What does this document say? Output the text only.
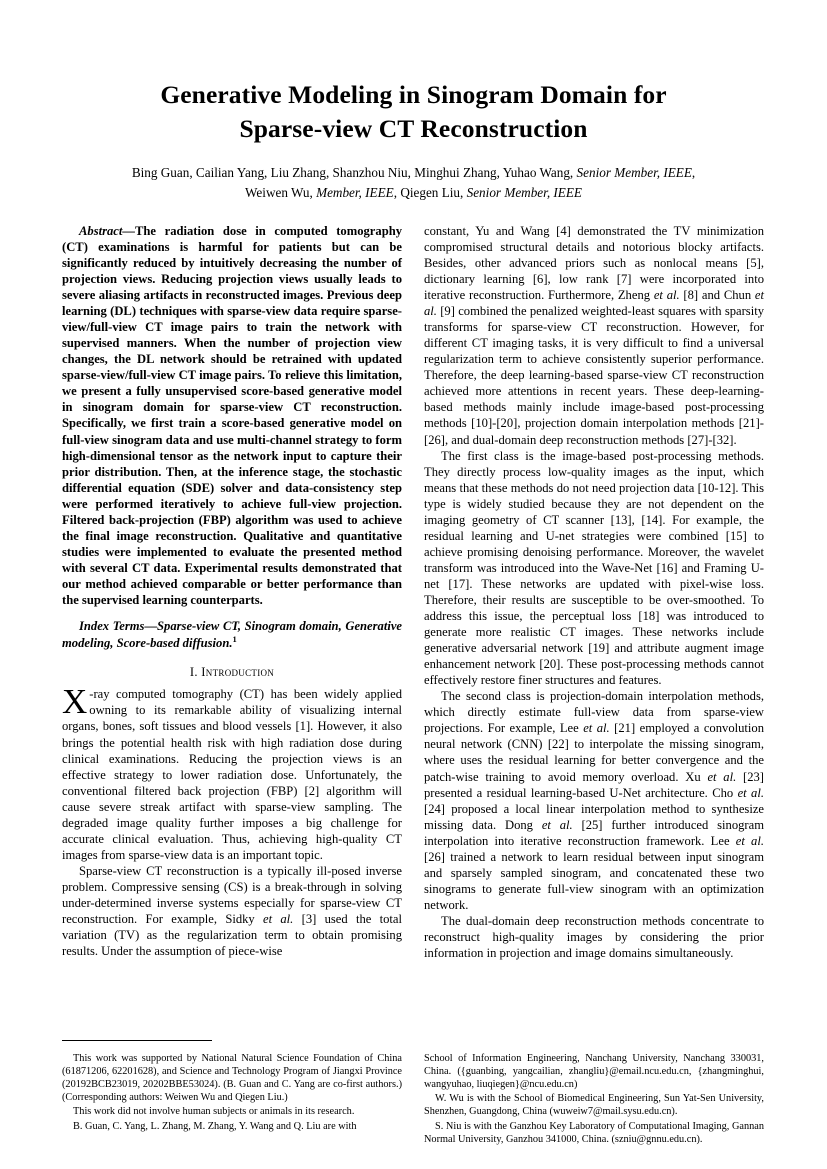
Generative Modeling in Sinogram Domain for
Sparse-view CT Reconstruction
Bing Guan, Cailian Yang, Liu Zhang, Shanzhou Niu, Minghui Zhang, Yuhao Wang, Senior Member, IEEE,
Weiwen Wu, Member, IEEE, Qiegen Liu, Senior Member, IEEE
Abstract—The radiation dose in computed tomography (CT) examinations is harmful for patients but can be significantly reduced by intuitively decreasing the number of projection views. Reducing projection views usually leads to severe aliasing artifacts in reconstructed images. Previous deep learning (DL) techniques with sparse-view data require sparse-view/full-view CT image pairs to train the network with supervised manners. When the number of projection view changes, the DL network should be retrained with updated sparse-view/full-view CT image pairs. To relieve this limitation, we present a fully unsupervised score-based generative model in sinogram domain for sparse-view CT reconstruction. Specifically, we first train a score-based generative model on full-view sinogram data and use multi-channel strategy to form high-dimensional tensor as the network input to capture their prior distribution. Then, at the inference stage, the stochastic differential equation (SDE) solver and data-consistency step were performed iteratively to achieve full-view projection. Filtered back-projection (FBP) algorithm was used to achieve the final image reconstruction. Qualitative and quantitative studies were implemented to evaluate the presented method with several CT data. Experimental results demonstrated that our method achieved comparable or better performance than the supervised learning counterparts.
Index Terms—Sparse-view CT, Sinogram domain, Generative modeling, Score-based diffusion.$^1$
I. Introduction

X -ray computed tomography (CT) has been widely applied owning to its remarkable ability of visualizing internal organs, bones, soft tissues and blood vessels [1]. However, it also brings the potential health risk with high radiation dose during clinical examinations. Reducing the projection views is an effective strategy to lower radiation dose. Unfortunately, the conventional filtered back projection (FBP) [2] algorithm will cause severe streak artifact with sparse-view sampling. The degraded image quality further imposes a big challenge for accurate clinical evaluation. Thus, achieving high-quality CT images from sparse-view data is an important topic.

Sparse-view CT reconstruction is a typically ill-posed inverse problem. Compressive sensing (CS) is a break-through in solving under-determined inverse systems especially for sparse-view CT reconstruction. For example, Sidky et al. [3] used the total variation (TV) as the regularization term to obtain promising results. Under the assumption of piece-wise

constant, Yu and Wang [4] demonstrated the TV minimization compromised structural details and notorious blocky artifacts. Besides, other advanced priors such as nonlocal means [5], dictionary learning [6], low rank [7] were incorporated into iterative reconstruction. Furthermore, Zheng et al. [8] and Chun et al. [9] combined the penalized weighted-least squares with sparsity transforms for sparse-view CT reconstruction. However, for different CT imaging tasks, it is very difficult to find a universal regularization term to achieve consistently superior performance. Therefore, the deep learning-based sparse-view CT reconstruction achieved more attentions in recent years. These deep-learning-based methods mainly include image-based post-processing methods [10]-[20], projection domain interpolation methods [21]-[26], and dual-domain deep reconstruction methods [27]-[32].

The first class is the image-based post-processing methods. They directly process low-quality images as the input, which means that these methods do not need projection data [10-12]. This type is widely studied because they are not dependent on the imaging geometry of CT scanner [13], [14]. For example, the residual learning and U-net strategies were combined [15] to achieve promising denoising performance. Moreover, the wavelet transform was introduced into the Wave-Net [16] and Framing U-net [17]. These networks are updated with pixel-wise loss. Therefore, their results are susceptible to be over-smoothed. To address this issue, the perceptual loss [18] was introduced to generate more realistic CT images. These networks include generative adversarial network [19] and attribute augment image enhancement network [20]. These post-processing methods cannot effectively restore finer structures and features.

The second class is projection-domain interpolation methods, which directly estimate full-view data from sparse-view projections. For example, Lee et al. [21] employed a convolution neural network (CNN) [22] to interpolate the missing sinogram, where uses the residual learning for better convergence and the patch-wise training to avoid memory overload. Xu et al. [23] presented a residual learning-based U-Net architecture. Cho et al. [24] proposed a local linear interpolation method to synthesize missing data. Dong et al. [25] further introduced sinogram interpolation into iterative reconstruction framework. Lee et al. [26] trained a network to learn residual between input sinogram and sparsely sampled sinogram, and concatenated these two sinograms to generate full-view sinogram with an optimization network.

The dual-domain deep reconstruction methods concentrate to reconstruct high-quality images by considering the prior information in projection and image domains simultaneously.

This work was supported by National Natural Science Foundation of China (61871206, 62201628), and Science and Technology Program of Jiangxi Province (20192BCB23019, 20202BBE53024). (B. Guan and C. Yang are co-first authors.) (Corresponding authors: Weiwen Wu and Qiegen Liu.)

This work did not involve human subjects or animals in its research.

B. Guan, C. Yang, L. Zhang, M. Zhang, Y. Wang and Q. Liu are with

School of Information Engineering, Nanchang University, Nanchang 330031, China. ({guanbing, yangcailian, zhangliu}@email.ncu.edu.cn, {zhangminghui, wangyuhao, liuqiegen}@ncu.edu.cn)

W. Wu is with the School of Biomedical Engineering, Sun Yat-Sen University, Shenzhen, Guangdong, China (wuweiw7@mail.sysu.edu.cn).

S. Niu is with the Ganzhou Key Laboratory of Computational Imaging, Gannan Normal University, Ganzhou 341000, China. (szniu@gnnu.edu.cn).
